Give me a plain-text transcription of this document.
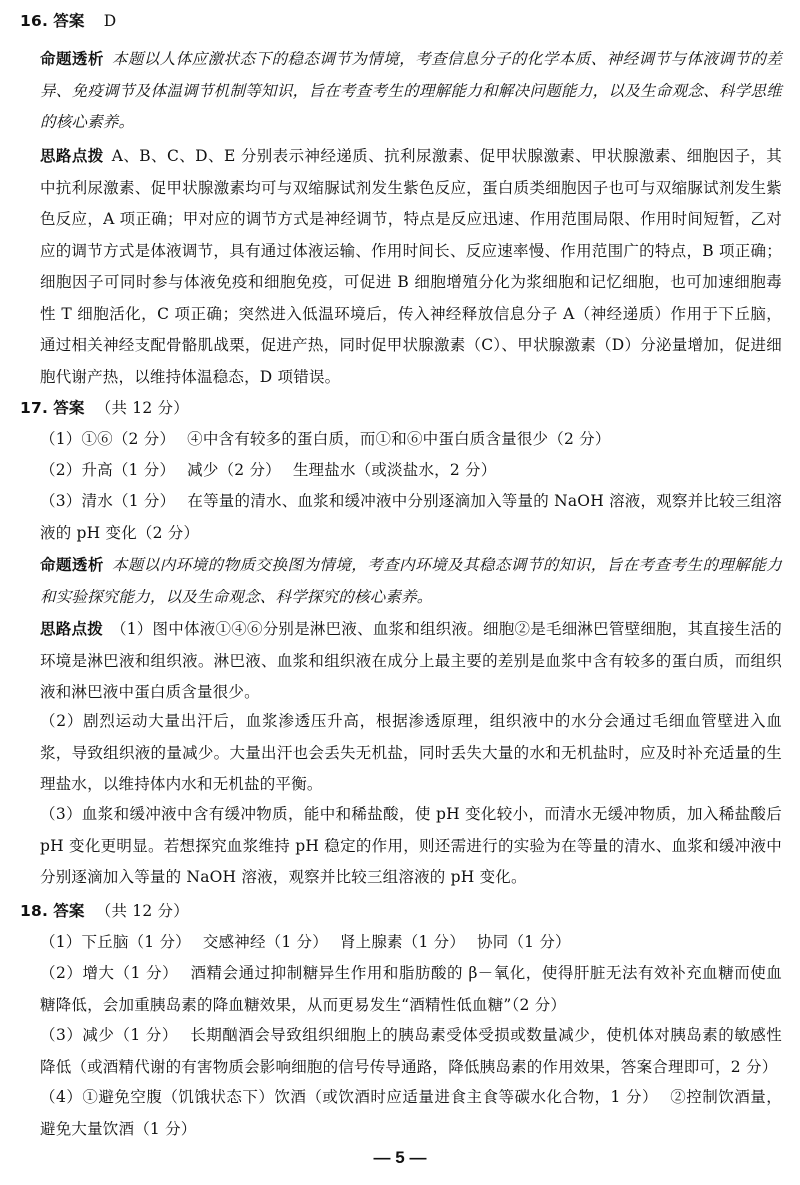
16. 答案 D
命题透析 本题以人体应激状态下的稳态调节为情境，考查信息分子的化学本质、神经调节与体液调节的差异、免疫调节及体温调节机制等知识，旨在考查考生的理解能力和解决问题能力，以及生命观念、科学思维的核心素养。
思路点拨 A、B、C、D、E 分别表示神经递质、抗利尿激素、促甲状腺激素、甲状腺激素、细胞因子，其中抗利尿激素、促甲状腺激素均可与双缩脲试剂发生紫色反应，蛋白质类细胞因子也可与双缩脲试剂发生紫色反应，A 项正确；甲对应的调节方式是神经调节，特点是反应迅速、作用范围局限、作用时间短暂，乙对应的调节方式是体液调节，具有通过体液运输、作用时间长、反应速率慢、作用范围广的特点，B 项正确；细胞因子可同时参与体液免疫和细胞免疫，可促进 B 细胞增殖分化为浆细胞和记忆细胞，也可加速细胞毒性 T 细胞活化，C 项正确；突然进入低温环境后，传入神经释放信息分子 A（神经递质）作用于下丘脑，通过相关神经支配骨骼肌战栗，促进产热，同时促甲状腺激素（C）、甲状腺激素（D）分泌量增加，促进细胞代谢产热，以维持体温稳态，D 项错误。
17. 答案 （共 12 分）
（1）①⑥（2 分） ④中含有较多的蛋白质，而①和⑥中蛋白质含量很少（2 分）
（2）升高（1 分） 减少（2 分） 生理盐水（或淡盐水，2 分）
（3）清水（1 分） 在等量的清水、血浆和缓冲液中分别逐滴加入等量的 NaOH 溶液，观察并比较三组溶液的 pH 变化（2 分）
命题透析 本题以内环境的物质交换图为情境，考查内环境及其稳态调节的知识，旨在考查考生的理解能力和实验探究能力，以及生命观念、科学探究的核心素养。
思路点拨 （1）图中体液①④⑥分别是淋巴液、血浆和组织液。细胞②是毛细淋巴管壁细胞，其直接生活的环境是淋巴液和组织液。淋巴液、血浆和组织液在成分上最主要的差别是血浆中含有较多的蛋白质，而组织液和淋巴液中蛋白质含量很少。
（2）剧烈运动大量出汗后，血浆渗透压升高，根据渗透原理，组织液中的水分会通过毛细血管壁进入血浆，导致组织液的量减少。大量出汗也会丢失无机盐，同时丢失大量的水和无机盐时，应及时补充适量的生理盐水，以维持体内水和无机盐的平衡。
（3）血浆和缓冲液中含有缓冲物质，能中和稀盐酸，使 pH 变化较小，而清水无缓冲物质，加入稀盐酸后 pH 变化更明显。若想探究血浆维持 pH 稳定的作用，则还需进行的实验为在等量的清水、血浆和缓冲液中分别逐滴加入等量的 NaOH 溶液，观察并比较三组溶液的 pH 变化。
18. 答案 （共 12 分）
（1）下丘脑（1 分） 交感神经（1 分） 肾上腺素（1 分） 协同（1 分）
（2）增大（1 分） 酒精会通过抑制糖异生作用和脂肪酸的 β－氧化，使得肝脏无法有效补充血糖而使血糖降低，会加重胰岛素的降血糖效果，从而更易发生“酒精性低血糖”（2 分）
（3）减少（1 分） 长期酗酒会导致组织细胞上的胰岛素受体受损或数量减少，使机体对胰岛素的敏感性降低（或酒精代谢的有害物质会影响细胞的信号传导通路，降低胰岛素的作用效果，答案合理即可，2 分）
（4）①避免空腹（饥饿状态下）饮酒（或饮酒时应适量进食主食等碳水化合物，1 分） ②控制饮酒量，避免大量饮酒（1 分）
— 5 —
